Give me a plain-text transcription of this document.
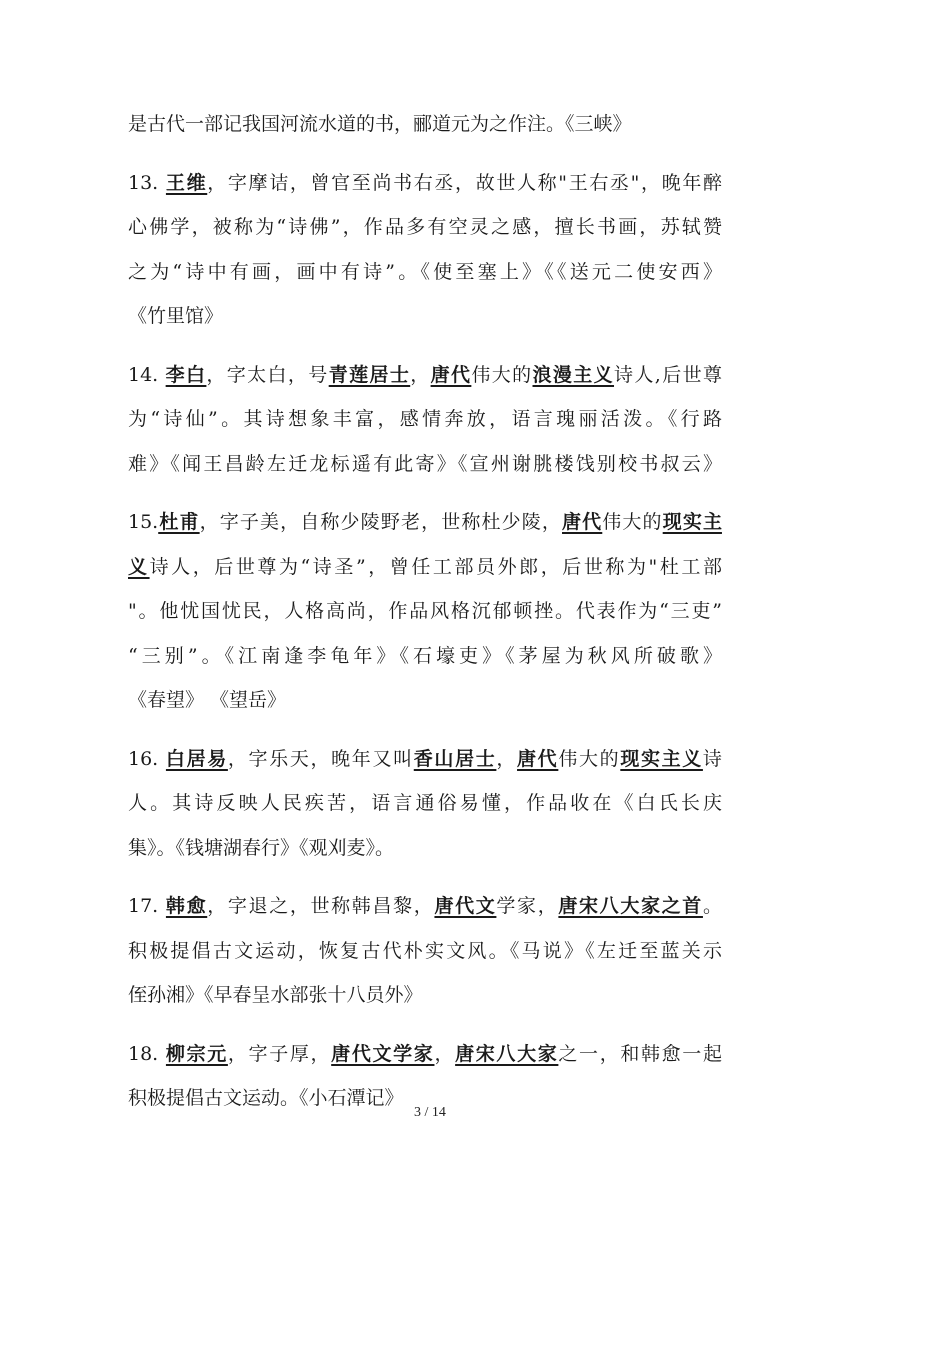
是古代一部记我国河流水道的书，郦道元为之作注。《三峡》
13. 王维，字摩诘，曾官至尚书右丞，故世人称"王右丞"，晚年醉
心佛学，被称为“诗佛”，作品多有空灵之感，擅长书画，苏轼赞
之为“诗中有画，画中有诗”。《使至塞上》《《送元二使安西》
《竹里馆》
14. 李白，字太白，号青莲居士，唐代伟大的浪漫主义诗人,后世尊
为“诗仙”。其诗想象丰富，感情奔放，语言瑰丽活泼。《行路
难》《闻王昌龄左迁龙标遥有此寄》《宣州谢朓楼饯别校书叔云》
15.杜甫，字子美，自称少陵野老，世称杜少陵，唐代伟大的现实主
义诗人，后世尊为“诗圣”，曾任工部员外郎，后世称为"杜工部
"。他忧国忧民，人格高尚，作品风格沉郁顿挫。代表作为“三吏”
“三别”。《江南逢李龟年》《石壕吏》《茅屋为秋风所破歌》
《春望》 《望岳》
16. 白居易，字乐天，晚年又叫香山居士，唐代伟大的现实主义诗
人。其诗反映人民疾苦，语言通俗易懂，作品收在《白氏长庆
集》。《钱塘湖春行》《观刈麦》。
17. 韩愈，字退之，世称韩昌黎，唐代文学家，唐宋八大家之首。
积极提倡古文运动，恢复古代朴实文风。《马说》《左迁至蓝关示
侄孙湘》《早春呈水部张十八员外》
18. 柳宗元，字子厚，唐代文学家，唐宋八大家之一，和韩愈一起
积极提倡古文运动。《小石潭记》
3 / 14
